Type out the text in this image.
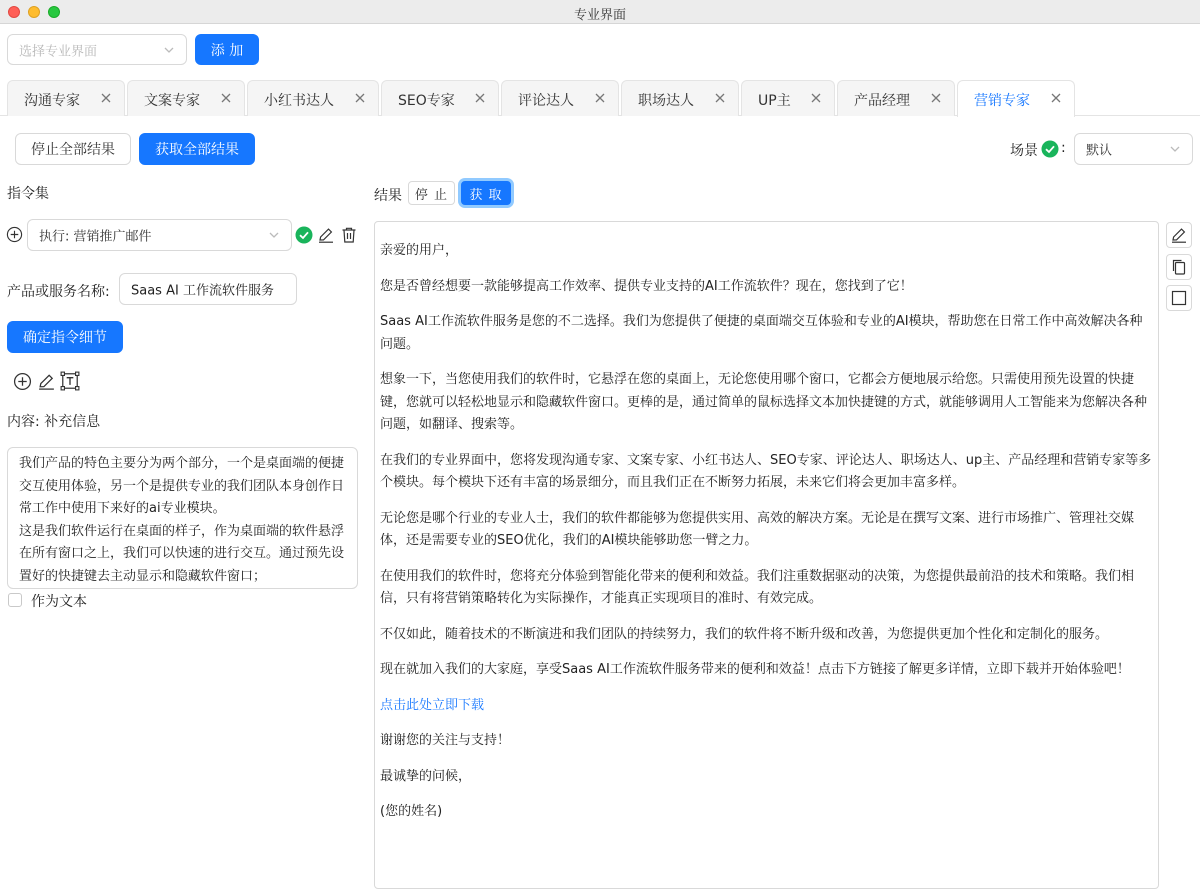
专业界面
选择专业界面	添 加
沟通专家	文案专家	小红书达人	SEO专家	评论达人	职场达人	UP主	产品经理	营销专家
停止全部结果	获取全部结果	场景 : 默认
指令集
执行: 营销推广邮件
产品或服务名称: Saas AI 工作流软件服务
确定指令细节
内容: 补充信息

我们产品的特色主要分为两个部分，一个是桌面端的便捷交互使用体验，另一个是提供专业的我们团队本身创作日常工作中使用下来好的ai专业模块。

这是我们软件运行在桌面的样子，作为桌面端的软件悬浮在所有窗口之上，我们可以快速的进行交互。通过预先设置好的快捷键去主动显示和隐藏软件窗口；

作为文本
结果 停 止	获 取

亲爱的用户，

您是否曾经想要一款能够提高工作效率、提供专业支持的AI工作流软件？现在，您找到了它！

Saas AI工作流软件服务是您的不二选择。我们为您提供了便捷的桌面端交互体验和专业的AI模块，帮助您在日常工作中高效解决各种问题。

想象一下，当您使用我们的软件时，它悬浮在您的桌面上，无论您使用哪个窗口，它都会方便地展示给您。只需使用预先设置的快捷键，您就可以轻松地显示和隐藏软件窗口。更棒的是，通过简单的鼠标选择文本加快捷键的方式，就能够调用人工智能来为您解决各种问题，如翻译、搜索等。

在我们的专业界面中，您将发现沟通专家、文案专家、小红书达人、SEO专家、评论达人、职场达人、up主、产品经理和营销专家等多个模块。每个模块下还有丰富的场景细分，而且我们正在不断努力拓展，未来它们将会更加丰富多样。

无论您是哪个行业的专业人士，我们的软件都能够为您提供实用、高效的解决方案。无论是在撰写文案、进行市场推广、管理社交媒体，还是需要专业的SEO优化，我们的AI模块能够助您一臂之力。

在使用我们的软件时，您将充分体验到智能化带来的便利和效益。我们注重数据驱动的决策，为您提供最前沿的技术和策略。我们相信，只有将营销策略转化为实际操作，才能真正实现项目的准时、有效完成。

不仅如此，随着技术的不断演进和我们团队的持续努力，我们的软件将不断升级和改善，为您提供更加个性化和定制化的服务。

现在就加入我们的大家庭，享受Saas AI工作流软件服务带来的便利和效益！点击下方链接了解更多详情，立即下载并开始体验吧！

点击此处立即下载

谢谢您的关注与支持！

最诚挚的问候，

(您的姓名)
